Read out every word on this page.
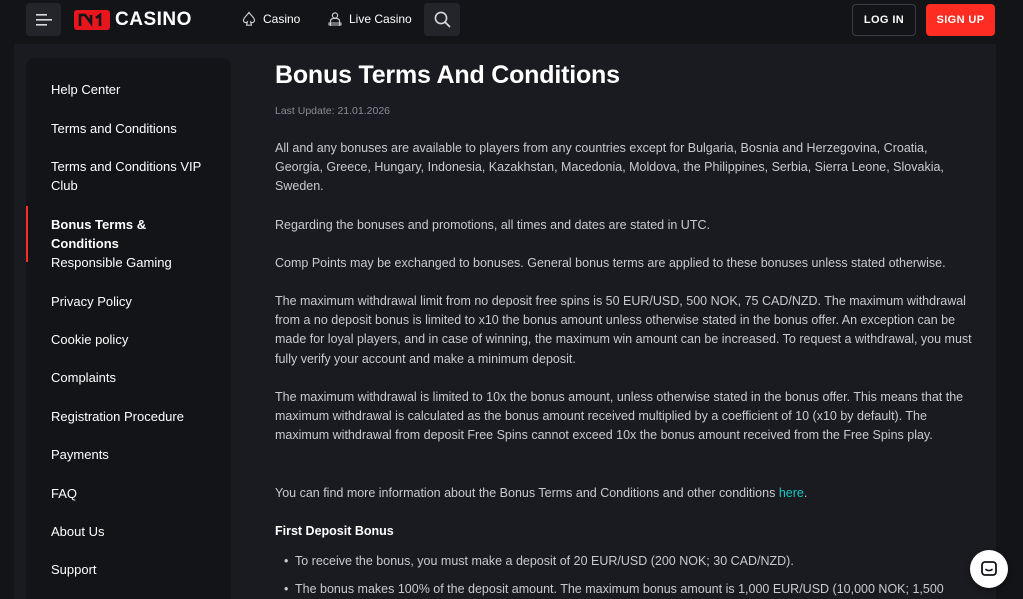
CASINO	Casino	Live Casino	LOG IN	SIGN UP
Help Center
Terms and Conditions
Terms and Conditions VIP Club
Bonus Terms & Conditions
Responsible Gaming
Privacy Policy
Cookie policy
Complaints
Registration Procedure
Payments
FAQ
About Us
Support
Bonus Terms And Conditions
Last Update: 21.01.2026

All and any bonuses are available to players from any countries except for Bulgaria, Bosnia and Herzegovina, Croatia, Georgia, Greece, Hungary, Indonesia, Kazakhstan, Macedonia, Moldova, the Philippines, Serbia, Sierra Leone, Slovakia, Sweden.

Regarding the bonuses and promotions, all times and dates are stated in UTC.

Comp Points may be exchanged to bonuses. General bonus terms are applied to these bonuses unless stated otherwise.

The maximum withdrawal limit from no deposit free spins is 50 EUR/USD, 500 NOK, 75 CAD/NZD. The maximum withdrawal from a no deposit bonus is limited to x10 the bonus amount unless otherwise stated in the bonus offer. An exception can be made for loyal players, and in case of winning, the maximum win amount can be increased. To request a withdrawal, you must fully verify your account and make a minimum deposit.

The maximum withdrawal is limited to 10x the bonus amount, unless otherwise stated in the bonus offer. This means that the maximum withdrawal is calculated as the bonus amount received multiplied by a coefficient of 10 (x10 by default). The maximum withdrawal from deposit Free Spins cannot exceed 10x the bonus amount received from the Free Spins play.

You can find more information about the Bonus Terms and Conditions and other conditions here.

First Deposit Bonus
• To receive the bonus, you must make a deposit of 20 EUR/USD (200 NOK; 30 CAD/NZD).
• The bonus makes 100% of the deposit amount. The maximum bonus amount is 1,000 EUR/USD (10,000 NOK; 1,500
